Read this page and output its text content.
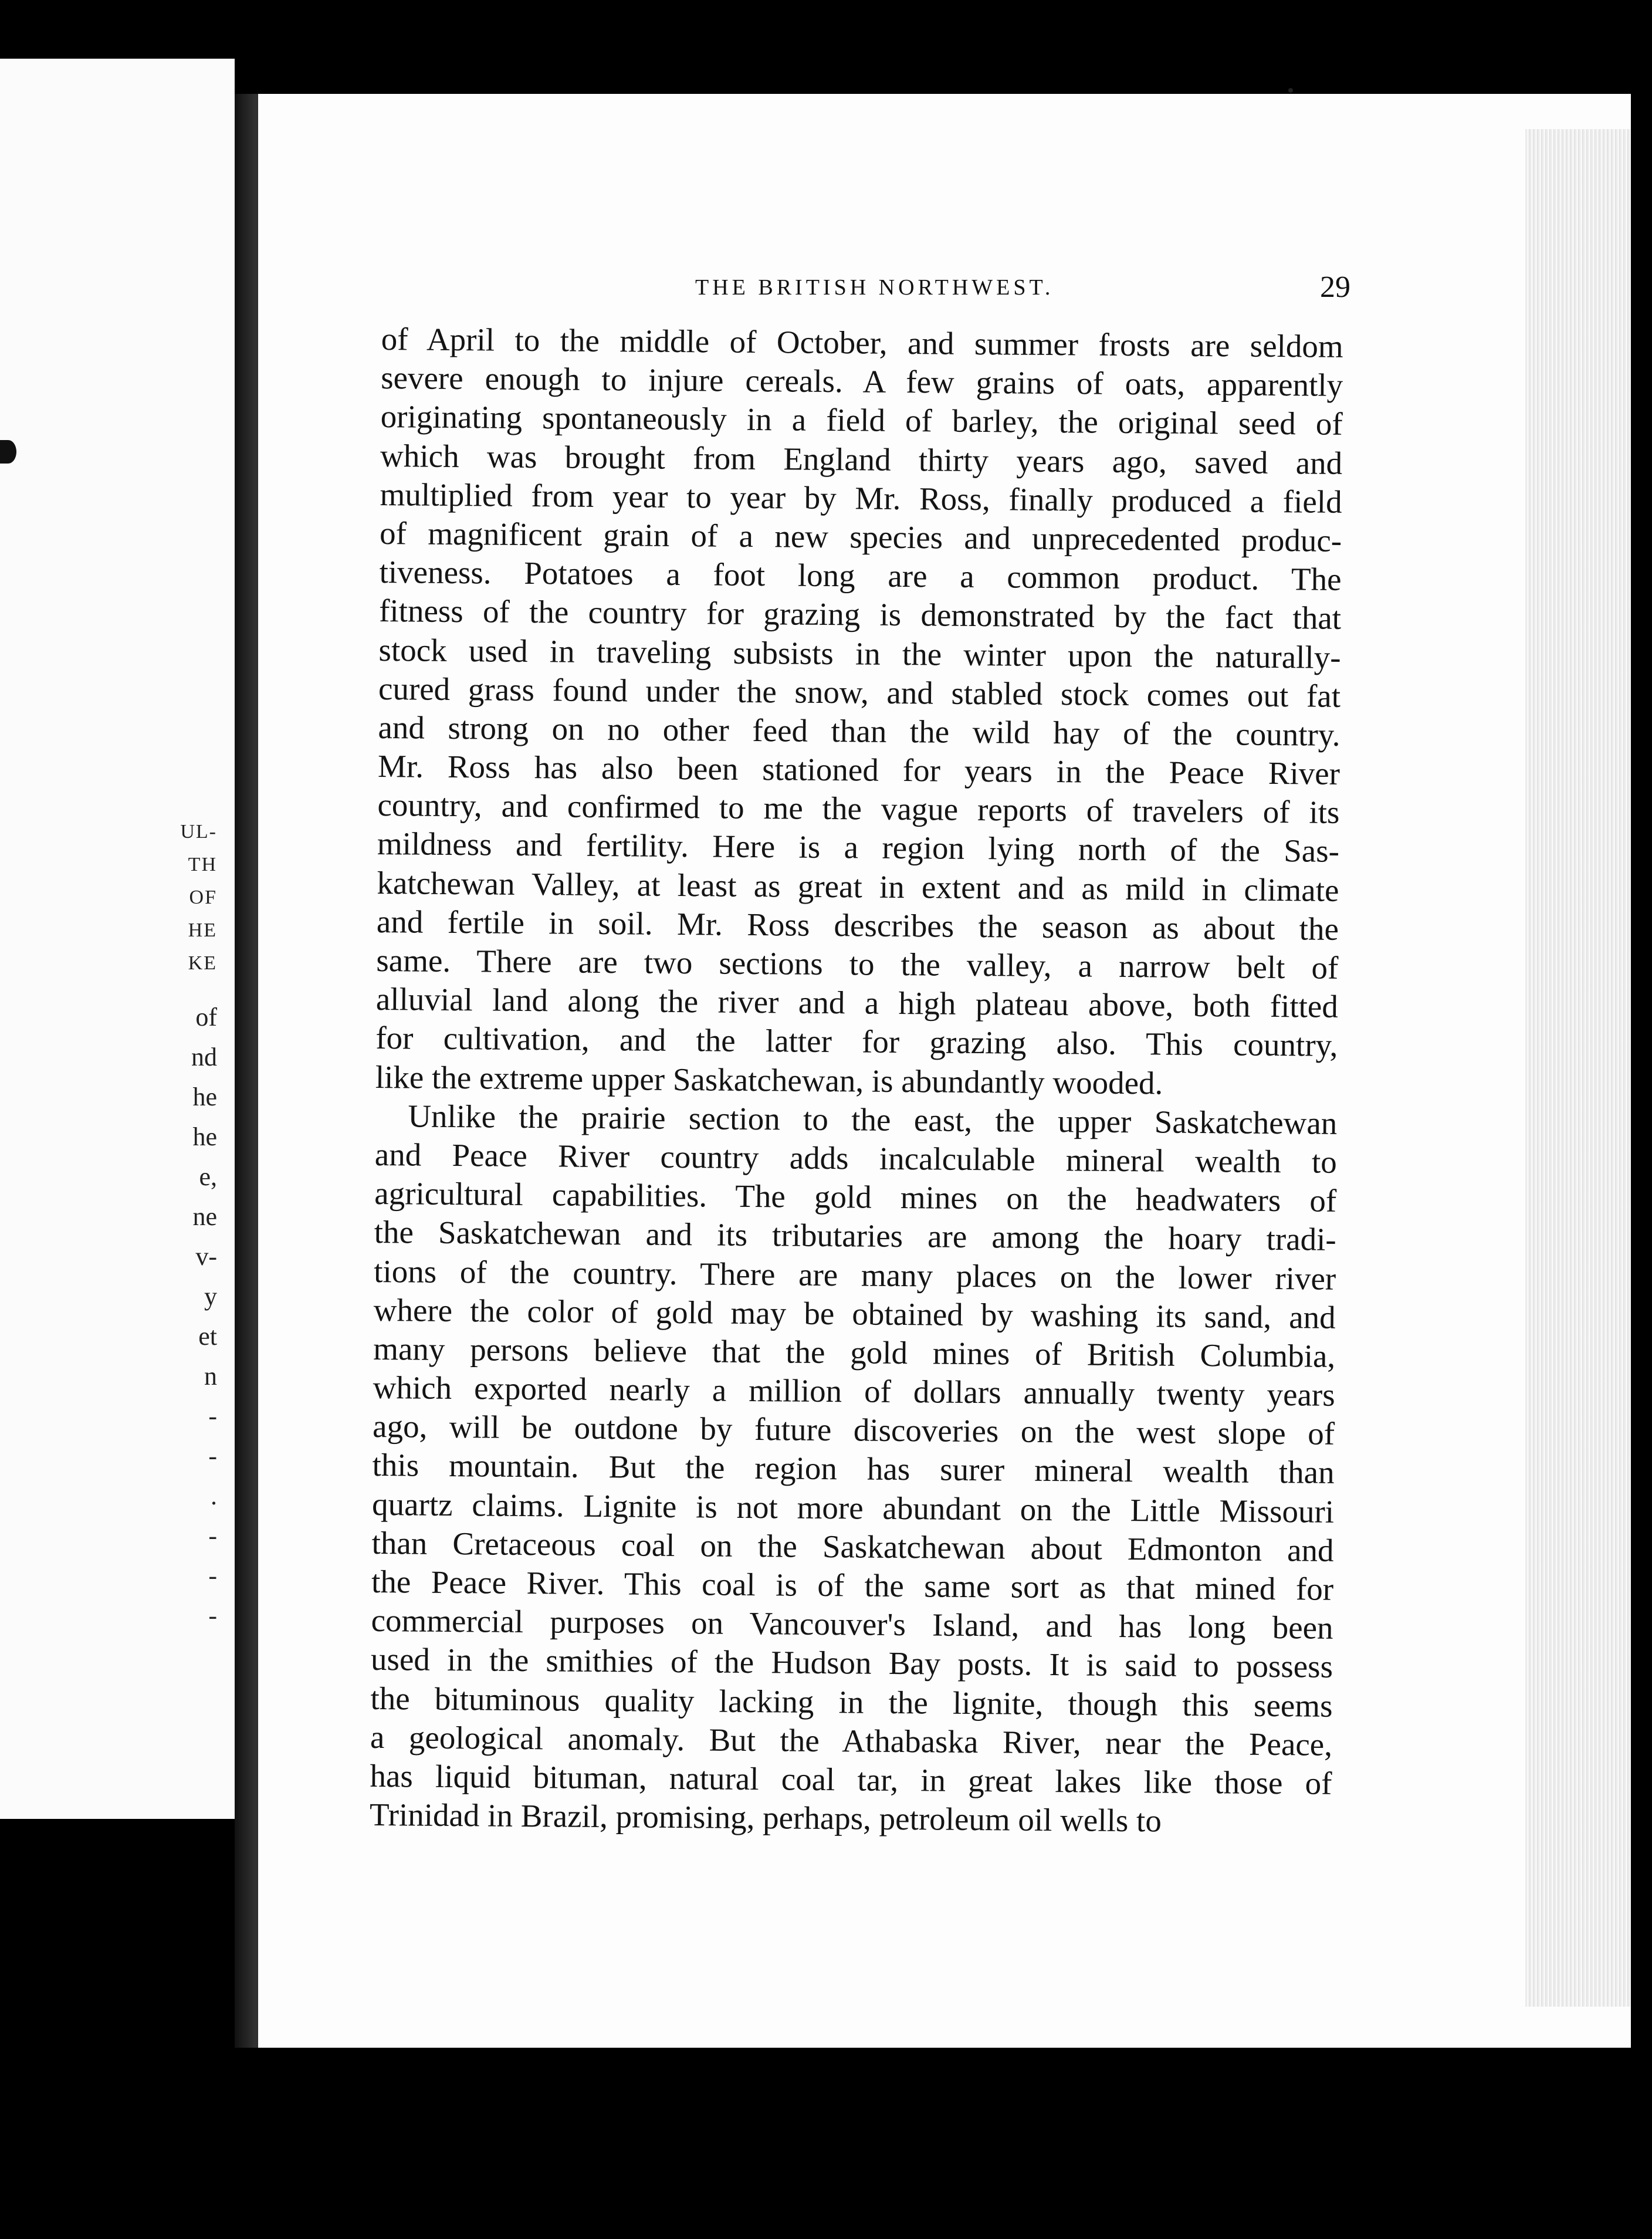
UL-
TH
OF
HE
KE
of
nd
he
he
e,
ne
v-
y
et
n
-
-
.
-
-
-
THE BRITISH NORTHWEST.	29
of April to the middle of October, and summer frosts are seldom
severe enough to injure cereals. A few grains of oats, apparently
originating spontaneously in a field of barley, the original seed of
which was brought from England thirty years ago, saved and
multiplied from year to year by Mr. Ross, finally produced a field
of magnificent grain of a new species and unprecedented produc-
tiveness. Potatoes a foot long are a common product. The
fitness of the country for grazing is demonstrated by the fact that
stock used in traveling subsists in the winter upon the naturally-
cured grass found under the snow, and stabled stock comes out fat
and strong on no other feed than the wild hay of the country.
Mr. Ross has also been stationed for years in the Peace River
country, and confirmed to me the vague reports of travelers of its
mildness and fertility. Here is a region lying north of the Sas-
katchewan Valley, at least as great in extent and as mild in climate
and fertile in soil. Mr. Ross describes the season as about the
same. There are two sections to the valley, a narrow belt of
alluvial land along the river and a high plateau above, both fitted
for cultivation, and the latter for grazing also. This country,
like the extreme upper Saskatchewan, is abundantly wooded.
Unlike the prairie section to the east, the upper Saskatchewan
and Peace River country adds incalculable mineral wealth to
agricultural capabilities. The gold mines on the headwaters of
the Saskatchewan and its tributaries are among the hoary tradi-
tions of the country. There are many places on the lower river
where the color of gold may be obtained by washing its sand, and
many persons believe that the gold mines of British Columbia,
which exported nearly a million of dollars annually twenty years
ago, will be outdone by future discoveries on the west slope of
this mountain. But the region has surer mineral wealth than
quartz claims. Lignite is not more abundant on the Little Missouri
than Cretaceous coal on the Saskatchewan about Edmonton and
the Peace River. This coal is of the same sort as that mined for
commercial purposes on Vancouver's Island, and has long been
used in the smithies of the Hudson Bay posts. It is said to possess
the bituminous quality lacking in the lignite, though this seems
a geological anomaly. But the Athabaska River, near the Peace,
has liquid bituman, natural coal tar, in great lakes like those of
Trinidad in Brazil, promising, perhaps, petroleum oil wells to
